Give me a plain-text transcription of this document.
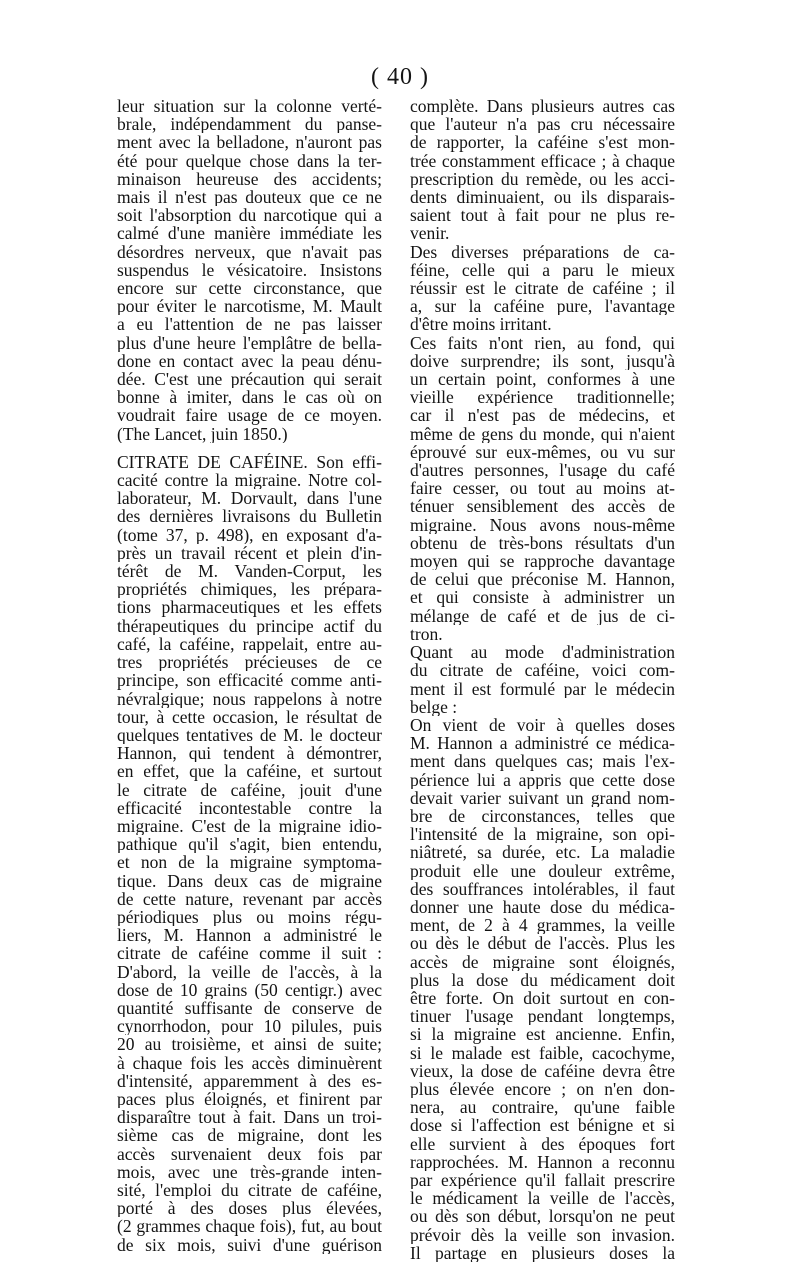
( 40 )
leur situation sur la colonne verté-
brale, indépendamment du panse-
ment avec la belladone, n'auront pas
été pour quelque chose dans la ter-
minaison heureuse des accidents;
mais il n'est pas douteux que ce ne
soit l'absorption du narcotique qui a
calmé d'une manière immédiate les
désordres nerveux, que n'avait pas
suspendus le vésicatoire. Insistons
encore sur cette circonstance, que
pour éviter le narcotisme, M. Mault
a eu l'attention de ne pas laisser
plus d'une heure l'emplâtre de bella-
done en contact avec la peau dénu-
dée. C'est une précaution qui serait
bonne à imiter, dans le cas où on
voudrait faire usage de ce moyen.
(The Lancet, juin 1850.)
CITRATE DE CAFÉINE. Son effi-
cacité contre la migraine. Notre col-
laborateur, M. Dorvault, dans l'une
des dernières livraisons du Bulletin
(tome 37, p. 498), en exposant d'a-
près un travail récent et plein d'in-
térêt de M. Vanden-Corput, les
propriétés chimiques, les prépara-
tions pharmaceutiques et les effets
thérapeutiques du principe actif du
café, la caféine, rappelait, entre au-
tres propriétés précieuses de ce
principe, son efficacité comme anti-
névralgique; nous rappelons à notre
tour, à cette occasion, le résultat de
quelques tentatives de M. le docteur
Hannon, qui tendent à démontrer,
en effet, que la caféine, et surtout
le citrate de caféine, jouit d'une
efficacité incontestable contre la
migraine. C'est de la migraine idio-
pathique qu'il s'agit, bien entendu,
et non de la migraine symptoma-
tique. Dans deux cas de migraine
de cette nature, revenant par accès
périodiques plus ou moins régu-
liers, M. Hannon a administré le
citrate de caféine comme il suit :
D'abord, la veille de l'accès, à la
dose de 10 grains (50 centigr.) avec
quantité suffisante de conserve de
cynorrhodon, pour 10 pilules, puis
20 au troisième, et ainsi de suite;
à chaque fois les accès diminuèrent
d'intensité, apparemment à des es-
paces plus éloignés, et finirent par
disparaître tout à fait. Dans un troi-
sième cas de migraine, dont les
accès survenaient deux fois par
mois, avec une très-grande inten-
sité, l'emploi du citrate de caféine,
porté à des doses plus élevées,
(2 grammes chaque fois), fut, au bout
de six mois, suivi d'une guérison
complète. Dans plusieurs autres cas
que l'auteur n'a pas cru nécessaire
de rapporter, la caféine s'est mon-
trée constamment efficace ; à chaque
prescription du remède, ou les acci-
dents diminuaient, ou ils disparais-
saient tout à fait pour ne plus re-
venir.
Des diverses préparations de ca-
féine, celle qui a paru le mieux
réussir est le citrate de caféine ; il
a, sur la caféine pure, l'avantage
d'être moins irritant.
Ces faits n'ont rien, au fond, qui
doive surprendre; ils sont, jusqu'à
un certain point, conformes à une
vieille expérience traditionnelle;
car il n'est pas de médecins, et
même de gens du monde, qui n'aient
éprouvé sur eux-mêmes, ou vu sur
d'autres personnes, l'usage du café
faire cesser, ou tout au moins at-
ténuer sensiblement des accès de
migraine. Nous avons nous-même
obtenu de très-bons résultats d'un
moyen qui se rapproche davantage
de celui que préconise M. Hannon,
et qui consiste à administrer un
mélange de café et de jus de ci-
tron.
Quant au mode d'administration
du citrate de caféine, voici com-
ment il est formulé par le médecin
belge :
On vient de voir à quelles doses
M. Hannon a administré ce médica-
ment dans quelques cas; mais l'ex-
périence lui a appris que cette dose
devait varier suivant un grand nom-
bre de circonstances, telles que
l'intensité de la migraine, son opi-
niâtreté, sa durée, etc. La maladie
produit elle une douleur extrême,
des souffrances intolérables, il faut
donner une haute dose du médica-
ment, de 2 à 4 grammes, la veille
ou dès le début de l'accès. Plus les
accès de migraine sont éloignés,
plus la dose du médicament doit
être forte. On doit surtout en con-
tinuer l'usage pendant longtemps,
si la migraine est ancienne. Enfin,
si le malade est faible, cacochyme,
vieux, la dose de caféine devra être
plus élevée encore ; on n'en don-
nera, au contraire, qu'une faible
dose si l'affection est bénigne et si
elle survient à des époques fort
rapprochées. M. Hannon a reconnu
par expérience qu'il fallait prescrire
le médicament la veille de l'accès,
ou dès son début, lorsqu'on ne peut
prévoir dès la veille son invasion.
Il partage en plusieurs doses la
